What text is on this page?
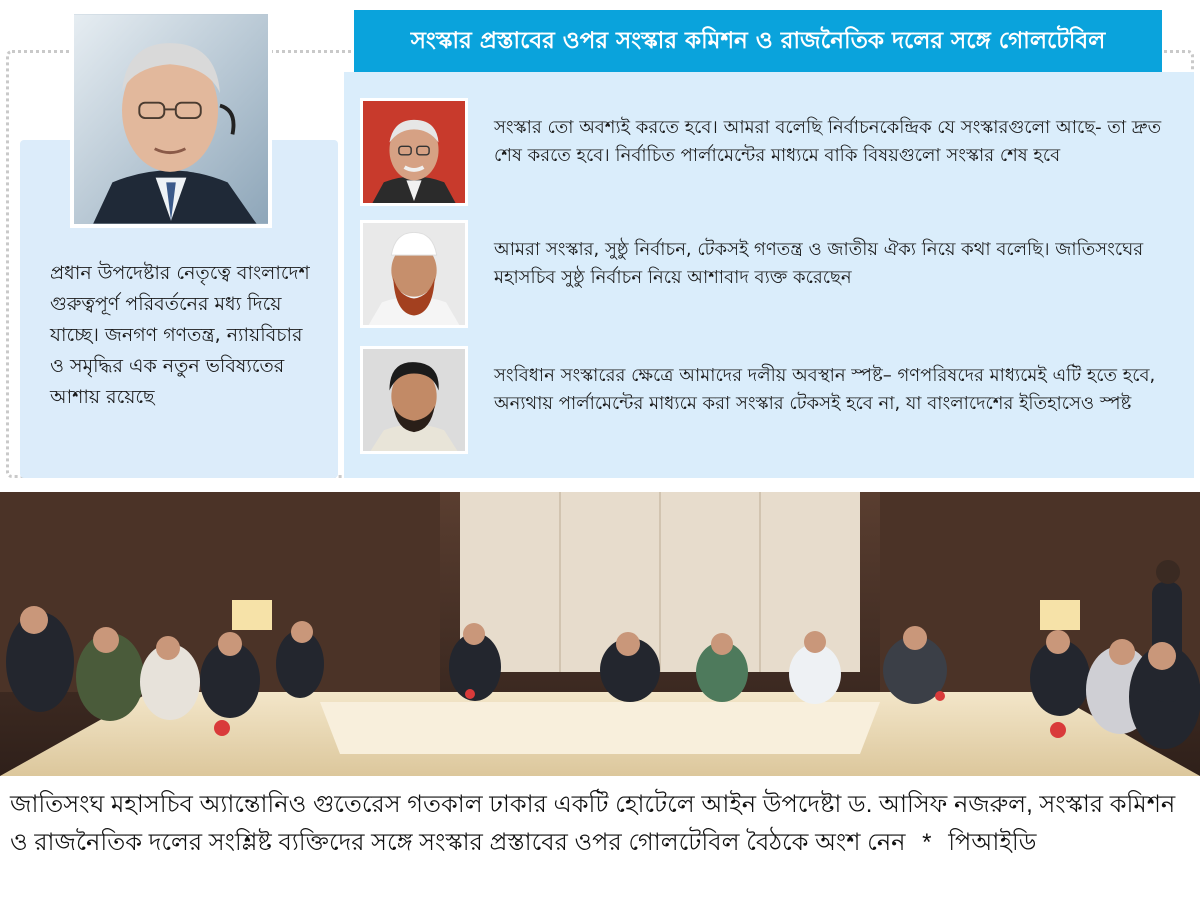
সংস্কার প্রস্তাবের ওপর সংস্কার কমিশন ও রাজনৈতিক দলের সঙ্গে গোলটেবিল

প্রধান উপদেষ্টার নেতৃত্বে বাংলাদেশ গুরুত্বপূর্ণ পরিবর্তনের মধ্য দিয়ে যাচ্ছে। জনগণ গণতন্ত্র, ন্যায়বিচার ও সমৃদ্ধির এক নতুন ভবিষ্যতের আশায় রয়েছে

সংস্কার তো অবশ্যই করতে হবে। আমরা বলেছি নির্বাচনকেন্দ্রিক যে সংস্কারগুলো আছে- তা দ্রুত শেষ করতে হবে। নির্বাচিত পার্লামেন্টের মাধ্যমে বাকি বিষয়গুলো সংস্কার শেষ হবে

আমরা সংস্কার, সুষ্ঠু নির্বাচন, টেকসই গণতন্ত্র ও জাতীয় ঐক্য নিয়ে কথা বলেছি। জাতিসংঘের মহাসচিব সুষ্ঠু নির্বাচন নিয়ে আশাবাদ ব্যক্ত করেছেন

সংবিধান সংস্কারের ক্ষেত্রে আমাদের দলীয় অবস্থান স্পষ্ট– গণপরিষদের মাধ্যমেই এটি হতে হবে, অন্যথায় পার্লামেন্টের মাধ্যমে করা সংস্কার টেকসই হবে না, যা বাংলাদেশের ইতিহাসেও স্পষ্ট

জাতিসংঘ মহাসচিব অ্যান্তোনিও গুতেরেস গতকাল ঢাকার একটি হোটেলে আইন উপদেষ্টা ড. আসিফ নজরুল, সংস্কার কমিশন ও রাজনৈতিক দলের সংশ্লিষ্ট ব্যক্তিদের সঙ্গে সংস্কার প্রস্তাবের ওপর গোলটেবিল বৈঠকে অংশ নেন * পিআইডি
